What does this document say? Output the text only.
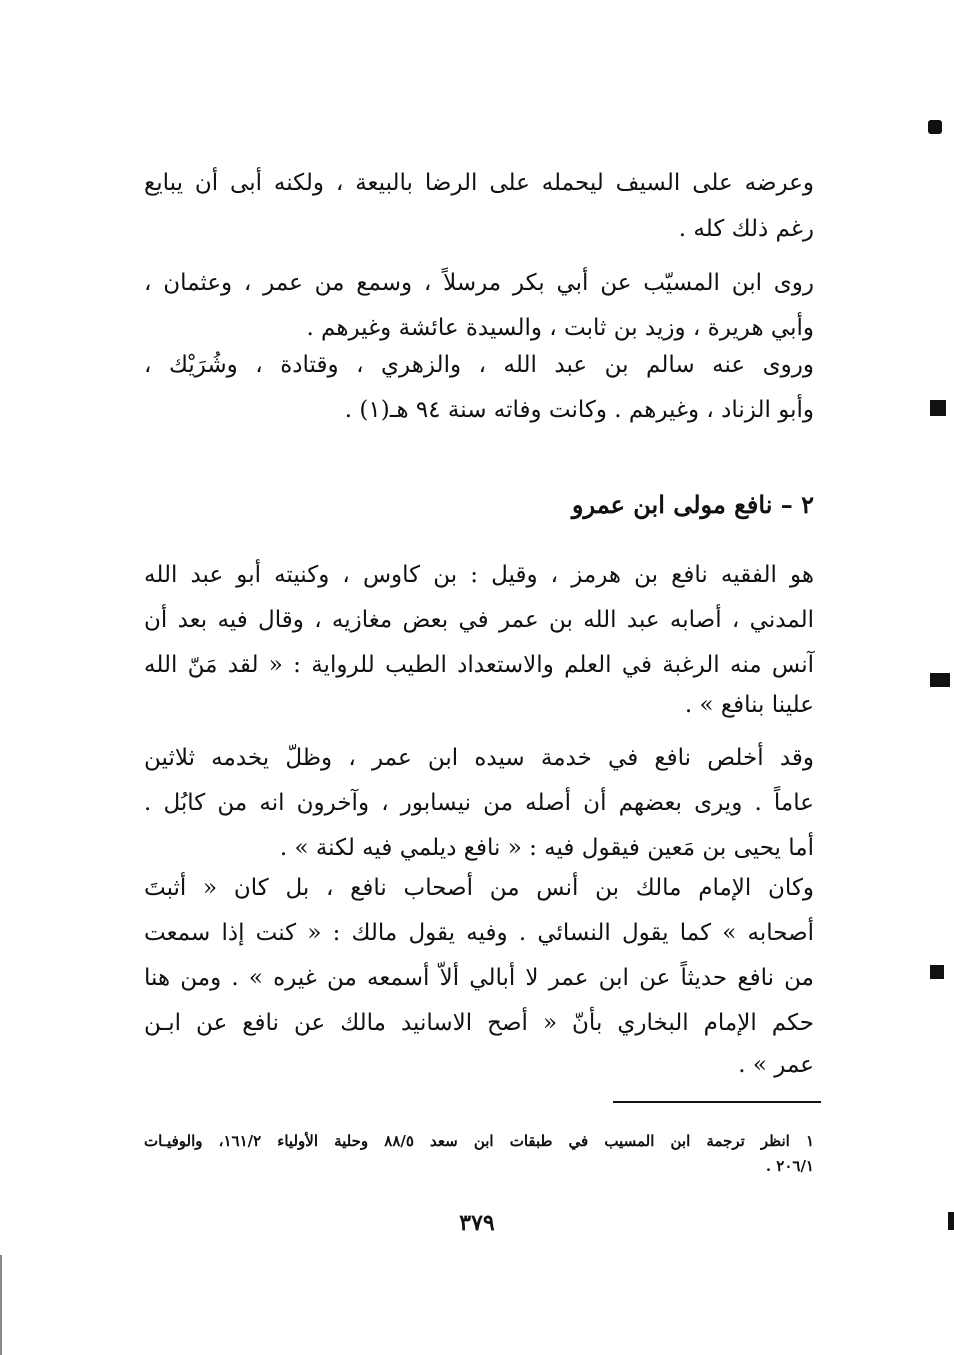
وعرضه على السيف ليحمله على الرضا بالبيعة ، ولكنه أبى أن يبايع
رغم ذلك كله .
روى ابن المسيّب عن أبي بكر مرسلاً ، وسمع من عمر ، وعثمان ،
وأبي هريرة ، وزيد بن ثابت ، والسيدة عائشة وغيرهم .
وروى عنه سالم بن عبد الله ، والزهري ، وقتادة ، وشُرَيْك ،
وأبو الزناد ، وغيرهم . وكانت وفاته سنة ٩٤ هـ(١) .
٢ – نافع مولى ابن عمرو
هو الفقيه نافع بن هرمز ، وقيل : بن كاوس ، وكنيته أبو عبد الله
المدني ، أصابه عبد الله بن عمر في بعض مغازيه ، وقال فيه بعد أن
آنس منه الرغبة في العلم والاستعداد الطيب للرواية : « لقد مَنّ الله
علينا بنافع » .
وقد أخلص نافع في خدمة سيده ابن عمر ، وظلّ يخدمه ثلاثين
عاماً . ويرى بعضهم أن أصله من نيسابور ، وآخرون انه من كابُل .
أما يحيى بن مَعين فيقول فيه : « نافع ديلمي فيه لكنة » .
وكان الإمام مالك بن أنس من أصحاب نافع ، بل كان « أثبتَ
أصحابه » كما يقول النسائي . وفيه يقول مالك : « كنت إذا سمعت
من نافع حديثاً عن ابن عمر لا أبالي ألاّ أسمعه من غيره » . ومن هنا
حكم الإمام البخاري بأنّ « أصح الاسانيد مالك عن نافع عن ابـن
عمر » .
١ انظر ترجمة ابن المسيب في طبقات ابن سعد ٨٨/٥ وحلية الأولياء ١٦١/٢، والوفيـات
٢٠٦/١ .
٣٧٩
